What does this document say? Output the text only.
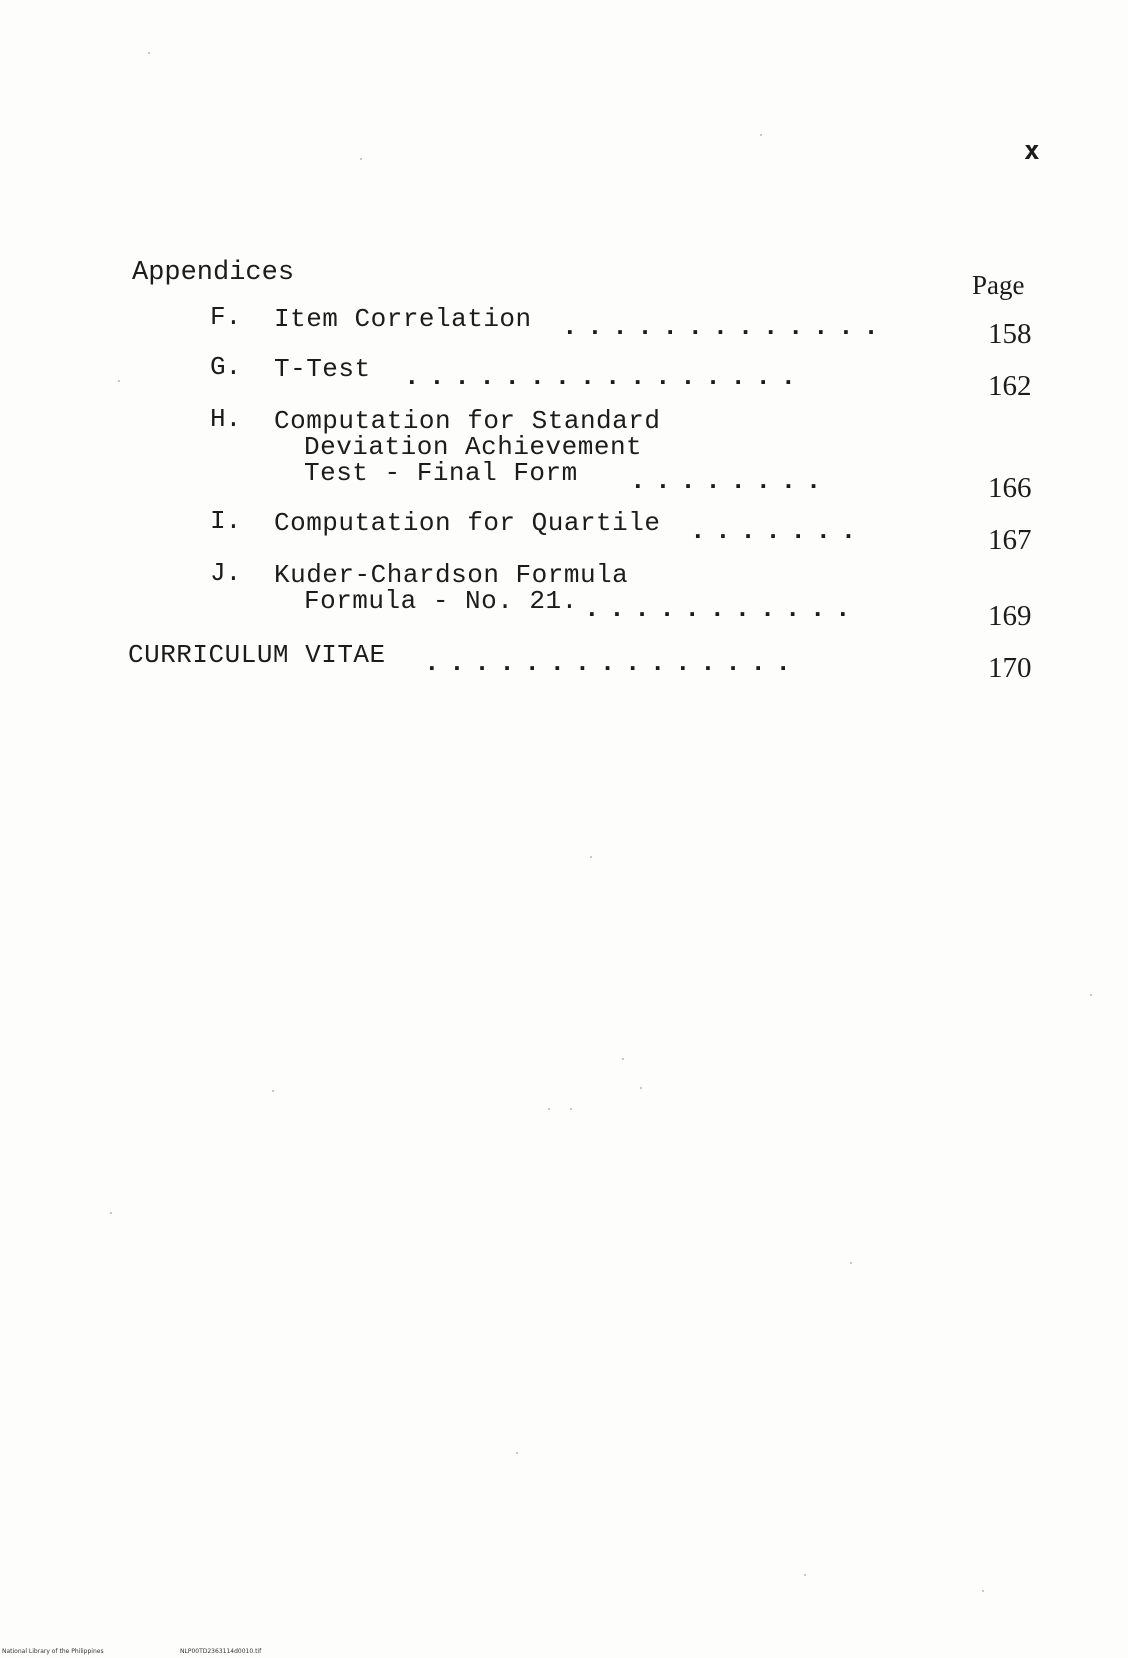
x
Appendices	Page
F. Item Correlation .............	158
G. T-Test ................	162
H. Computation for Standard
Deviation Achievement
Test - Final Form ........	166
I. Computation for Quartile .......	167
J. Kuder-Chardson Formula
Formula - No. 21. ...........	169
CURRICULUM VITAE ...............	170
National Library of the Philippines	NLP00TD2363114d0010.tif
